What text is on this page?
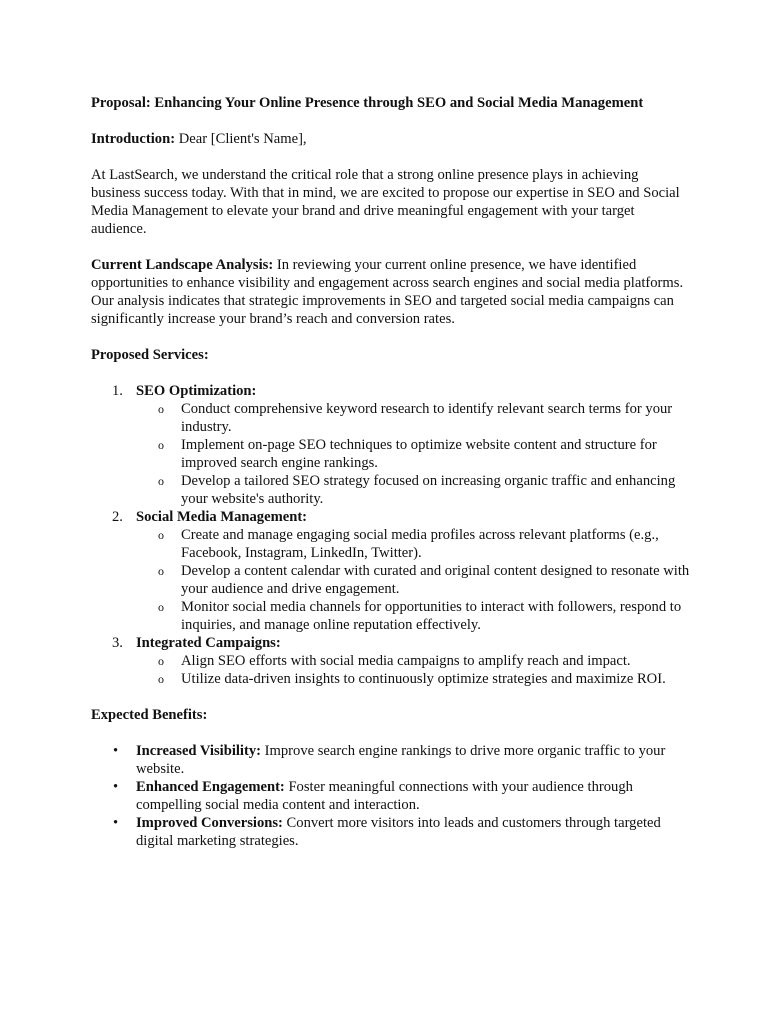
Proposal: Enhancing Your Online Presence through SEO and Social Media Management

Introduction: Dear [Client's Name],

At LastSearch, we understand the critical role that a strong online presence plays in achieving business success today. With that in mind, we are excited to propose our expertise in SEO and Social Media Management to elevate your brand and drive meaningful engagement with your target audience.

Current Landscape Analysis: In reviewing your current online presence, we have identified opportunities to enhance visibility and engagement across search engines and social media platforms. Our analysis indicates that strategic improvements in SEO and targeted social media campaigns can significantly increase your brand’s reach and conversion rates.

Proposed Services:

1. SEO Optimization:
o Conduct comprehensive keyword research to identify relevant search terms for your industry.
o Implement on-page SEO techniques to optimize website content and structure for improved search engine rankings.
o Develop a tailored SEO strategy focused on increasing organic traffic and enhancing your website's authority.
2. Social Media Management:
o Create and manage engaging social media profiles across relevant platforms (e.g., Facebook, Instagram, LinkedIn, Twitter).
o Develop a content calendar with curated and original content designed to resonate with your audience and drive engagement.
o Monitor social media channels for opportunities to interact with followers, respond to inquiries, and manage online reputation effectively.
3. Integrated Campaigns:
o Align SEO efforts with social media campaigns to amplify reach and impact.
o Utilize data-driven insights to continuously optimize strategies and maximize ROI.

Expected Benefits:

• Increased Visibility: Improve search engine rankings to drive more organic traffic to your website.
• Enhanced Engagement: Foster meaningful connections with your audience through compelling social media content and interaction.
• Improved Conversions: Convert more visitors into leads and customers through targeted digital marketing strategies.
